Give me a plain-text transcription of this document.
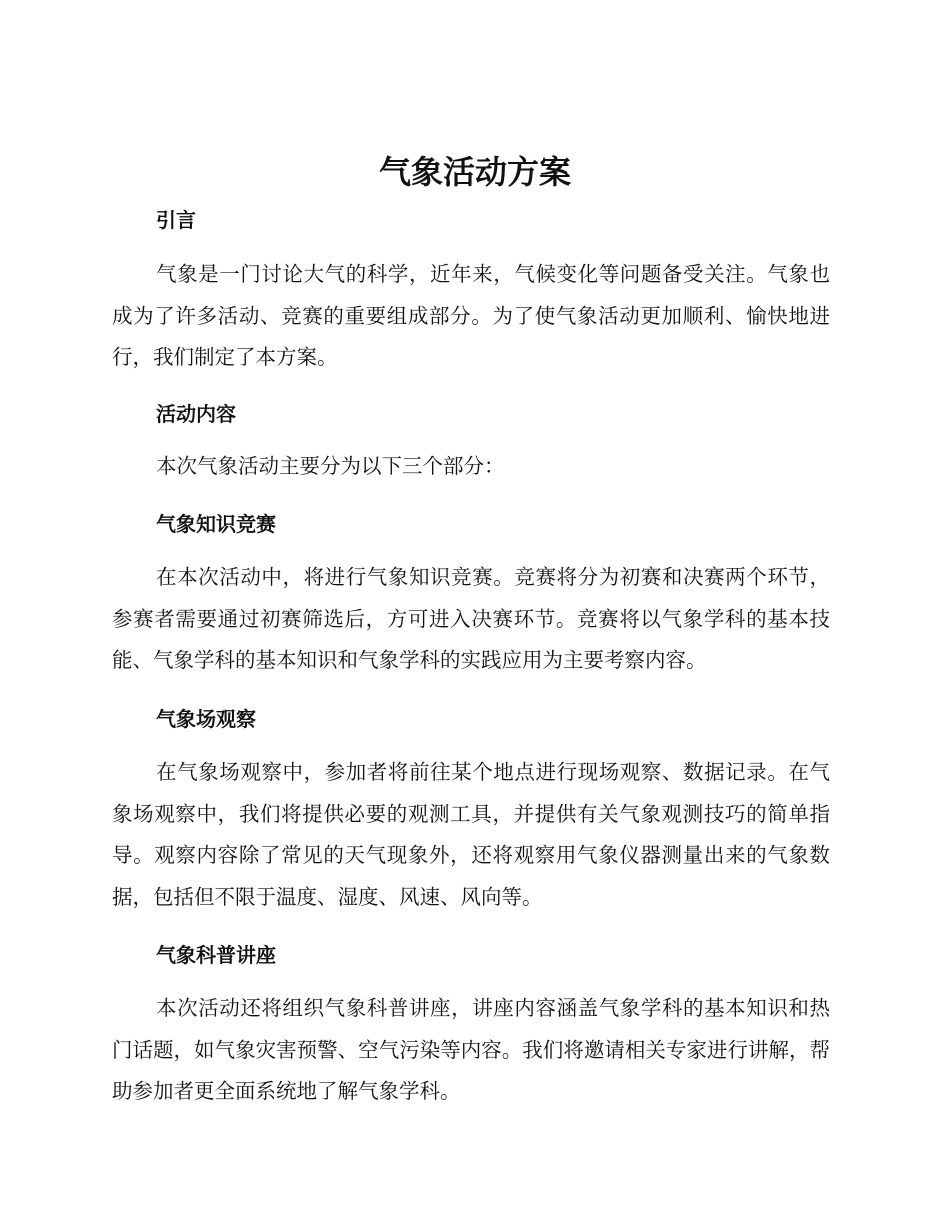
气象活动方案
引言

气象是一门讨论大气的科学，近年来，气候变化等问题备受关注。气象也成为了许多活动、竞赛的重要组成部分。为了使气象活动更加顺利、愉快地进行，我们制定了本方案。

活动内容

本次气象活动主要分为以下三个部分：

气象知识竞赛

在本次活动中，将进行气象知识竞赛。竞赛将分为初赛和决赛两个环节，参赛者需要通过初赛筛选后，方可进入决赛环节。竞赛将以气象学科的基本技能、气象学科的基本知识和气象学科的实践应用为主要考察内容。

气象场观察

在气象场观察中，参加者将前往某个地点进行现场观察、数据记录。在气象场观察中，我们将提供必要的观测工具，并提供有关气象观测技巧的简单指导。观察内容除了常见的天气现象外，还将观察用气象仪器测量出来的气象数据，包括但不限于温度、湿度、风速、风向等。

气象科普讲座

本次活动还将组织气象科普讲座，讲座内容涵盖气象学科的基本知识和热门话题，如气象灾害预警、空气污染等内容。我们将邀请相关专家进行讲解，帮助参加者更全面系统地了解气象学科。
